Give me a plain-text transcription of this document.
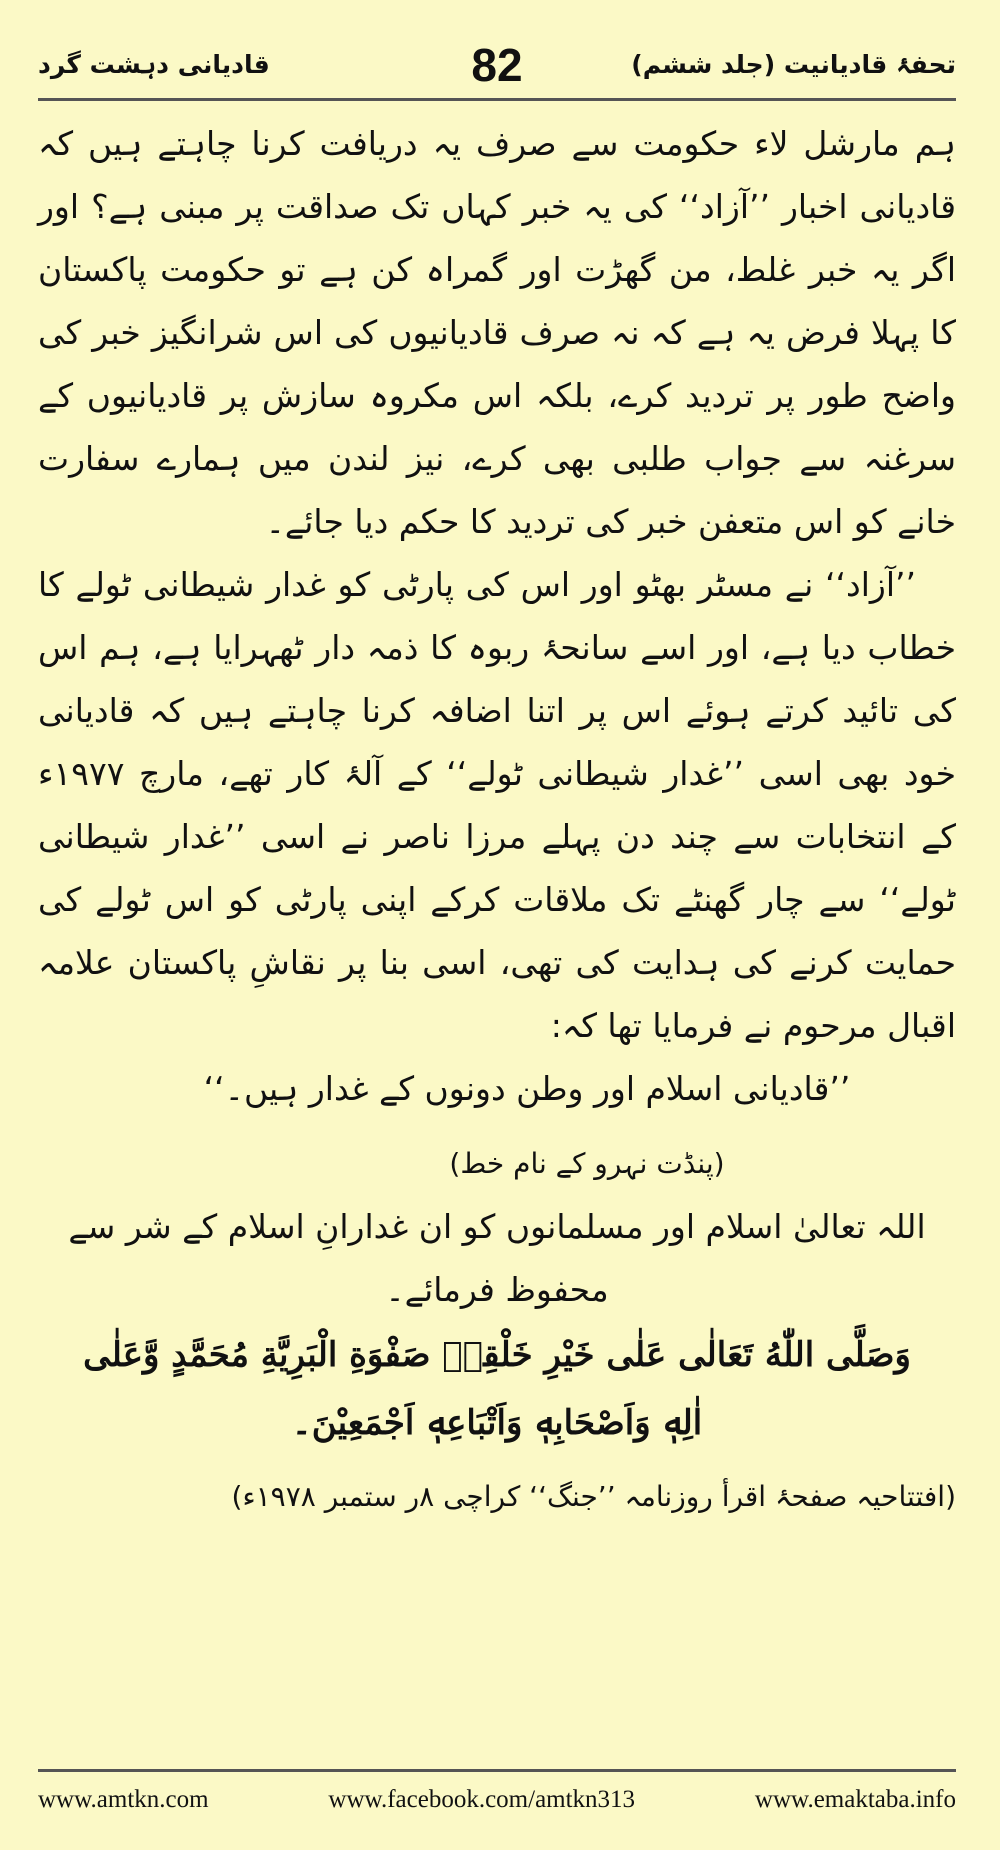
تحفۂ قادیانیت (جلد ششم)
82
قادیانی دہشت گرد

ہم مارشل لاء حکومت سے صرف یہ دریافت کرنا چاہتے ہیں کہ قادیانی اخبار ’’آزاد‘‘ کی یہ خبر کہاں تک صداقت پر مبنی ہے؟ اور اگر یہ خبر غلط، من گھڑت اور گمراہ کن ہے تو حکومت پاکستان کا پہلا فرض یہ ہے کہ نہ صرف قادیانیوں کی اس شرانگیز خبر کی واضح طور پر تردید کرے، بلکہ اس مکروہ سازش پر قادیانیوں کے سرغنہ سے جواب طلبی بھی کرے، نیز لندن میں ہمارے سفارت خانے کو اس متعفن خبر کی تردید کا حکم دیا جائے۔

’’آزاد‘‘ نے مسٹر بھٹو اور اس کی پارٹی کو غدار شیطانی ٹولے کا خطاب دیا ہے، اور اسے سانحۂ ربوہ کا ذمہ دار ٹھہرایا ہے، ہم اس کی تائید کرتے ہوئے اس پر اتنا اضافہ کرنا چاہتے ہیں کہ قادیانی خود بھی اسی ’’غدار شیطانی ٹولے‘‘ کے آلۂ کار تھے، مارچ ۱۹۷۷ء کے انتخابات سے چند دن پہلے مرزا ناصر نے اسی ’’غدار شیطانی ٹولے‘‘ سے چار گھنٹے تک ملاقات کرکے اپنی پارٹی کو اس ٹولے کی حمایت کرنے کی ہدایت کی تھی، اسی بنا پر نقاشِ پاکستان علامہ اقبال مرحوم نے فرمایا تھا کہ:

’’قادیانی اسلام اور وطن دونوں کے غدار ہیں۔‘‘

(پنڈت نہرو کے نام خط)

اللہ تعالیٰ اسلام اور مسلمانوں کو ان غدارانِ اسلام کے شر سے محفوظ فرمائے۔

وَصَلَّى اللّٰهُ تَعَالٰی عَلٰی خَیْرِ خَلْقِهٖ صَفْوَةِ الْبَرِیَّةِ مُحَمَّدٍ وَّعَلٰی

اٰلِهٖ وَاَصْحَابِهٖ وَاَتْبَاعِهٖ اَجْمَعِیْنَ۔

(افتتاحیہ صفحۂ اقرأ روزنامہ ’’جنگ‘‘ کراچی ۸ر ستمبر ۱۹۷۸ء)

www.amtkn.com	www.facebook.com/amtkn313	www.emaktaba.info
